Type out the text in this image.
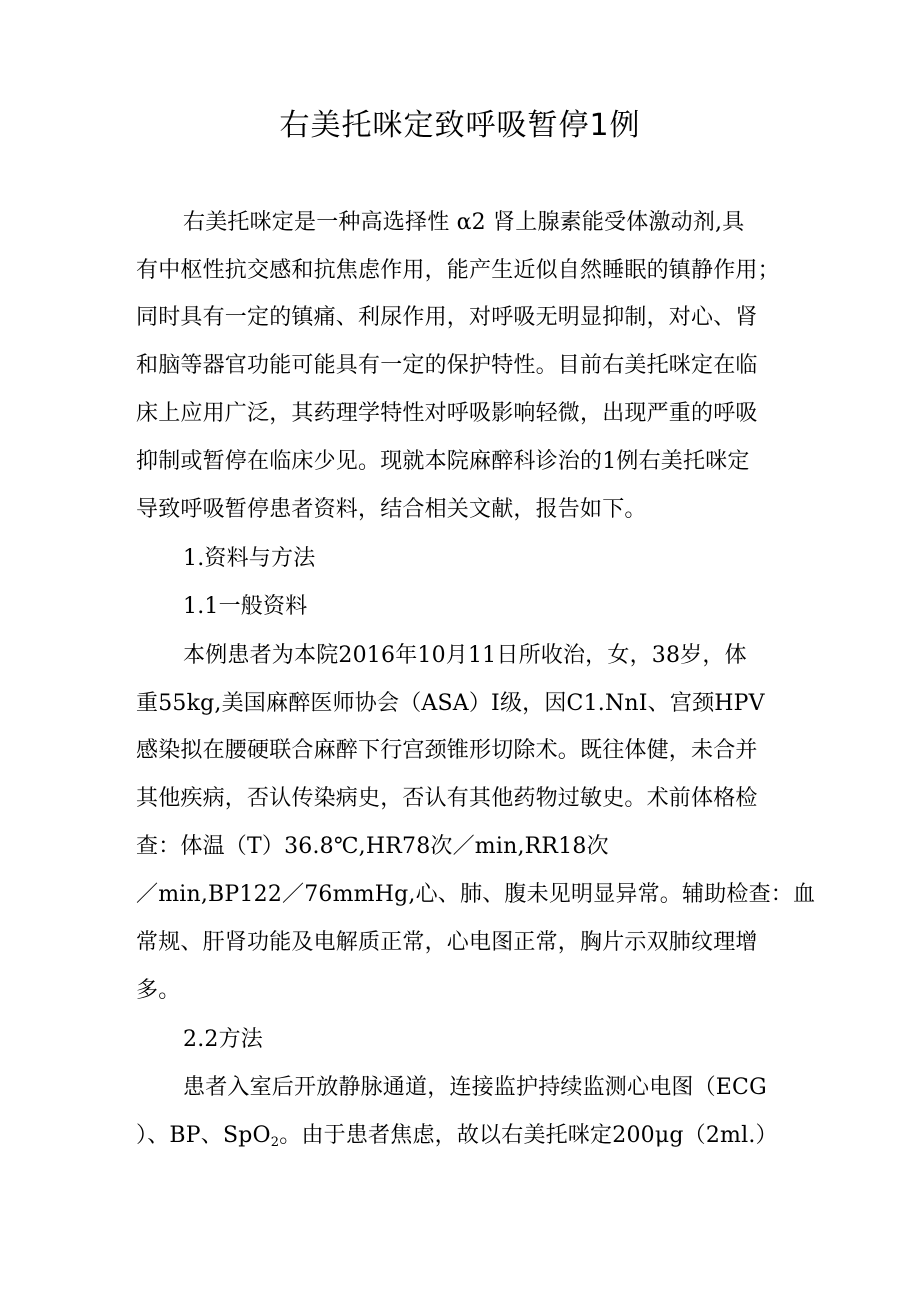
右美托咪定致呼吸暂停1例
右美托咪定是一种高选择性 α2 肾上腺素能受体激动剂,具
有中枢性抗交感和抗焦虑作用，能产生近似自然睡眠的镇静作用；
同时具有一定的镇痛、利尿作用，对呼吸无明显抑制，对心、肾
和脑等器官功能可能具有一定的保护特性。目前右美托咪定在临
床上应用广泛，其药理学特性对呼吸影响轻微，出现严重的呼吸
抑制或暂停在临床少见。现就本院麻醉科诊治的1例右美托咪定
导致呼吸暂停患者资料，结合相关文献，报告如下。
1.资料与方法
1.1一般资料
本例患者为本院2016年10月11日所收治，女，38岁，体
重55kg,美国麻醉医师协会（ASA）I级，因C1.NnI、宫颈HPV
感染拟在腰硬联合麻醉下行宫颈锥形切除术。既往体健，未合并
其他疾病，否认传染病史，否认有其他药物过敏史。术前体格检
查：体温（T）36.8℃,HR78次／min,RR18次
／min,BP122／76mmHg,心、肺、腹未见明显异常。辅助检查：血
常规、肝肾功能及电解质正常，心电图正常，胸片示双肺纹理增
多。
2.2方法
患者入室后开放静脉通道，连接监护持续监测心电图（ECG
）、BP、SpO$_2$。由于患者焦虑，故以右美托咪定200μg（2ml.）
